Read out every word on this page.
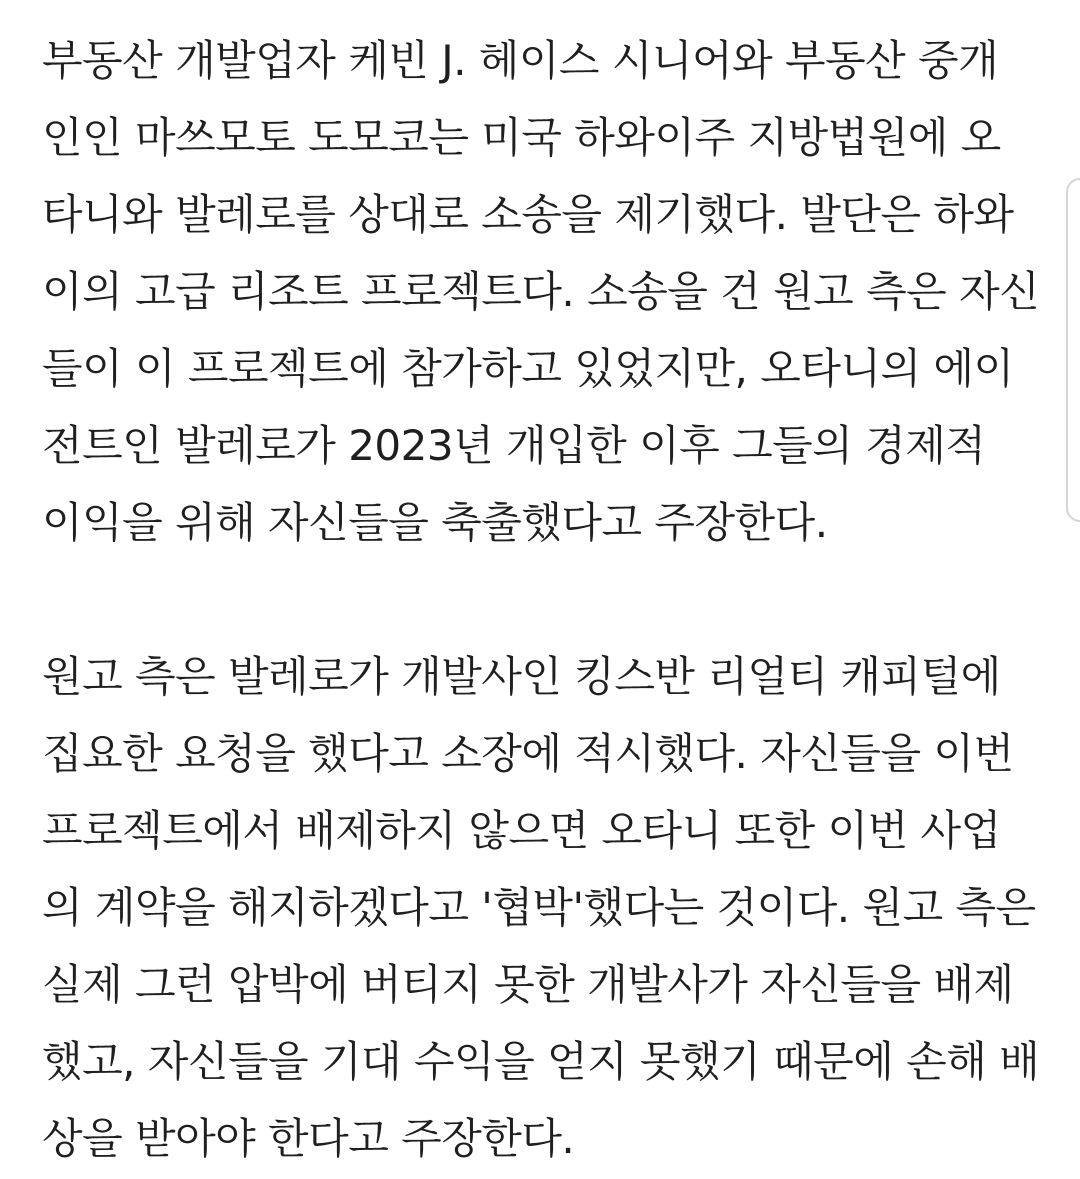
부동산 개발업자 케빈 J. 헤이스 시니어와 부동산 중개
인인 마쓰모토 도모코는 미국 하와이주 지방법원에 오
타니와 발레로를 상대로 소송을 제기했다. 발단은 하와
이의 고급 리조트 프로젝트다. 소송을 건 원고 측은 자신
들이 이 프로젝트에 참가하고 있었지만, 오타니의 에이
전트인 발레로가 2023년 개입한 이후 그들의 경제적
이익을 위해 자신들을 축출했다고 주장한다.

원고 측은 발레로가 개발사인 킹스반 리얼티 캐피털에
집요한 요청을 했다고 소장에 적시했다. 자신들을 이번
프로젝트에서 배제하지 않으면 오타니 또한 이번 사업
의 계약을 해지하겠다고 '협박'했다는 것이다. 원고 측은
실제 그런 압박에 버티지 못한 개발사가 자신들을 배제
했고, 자신들을 기대 수익을 얻지 못했기 때문에 손해 배
상을 받아야 한다고 주장한다.
